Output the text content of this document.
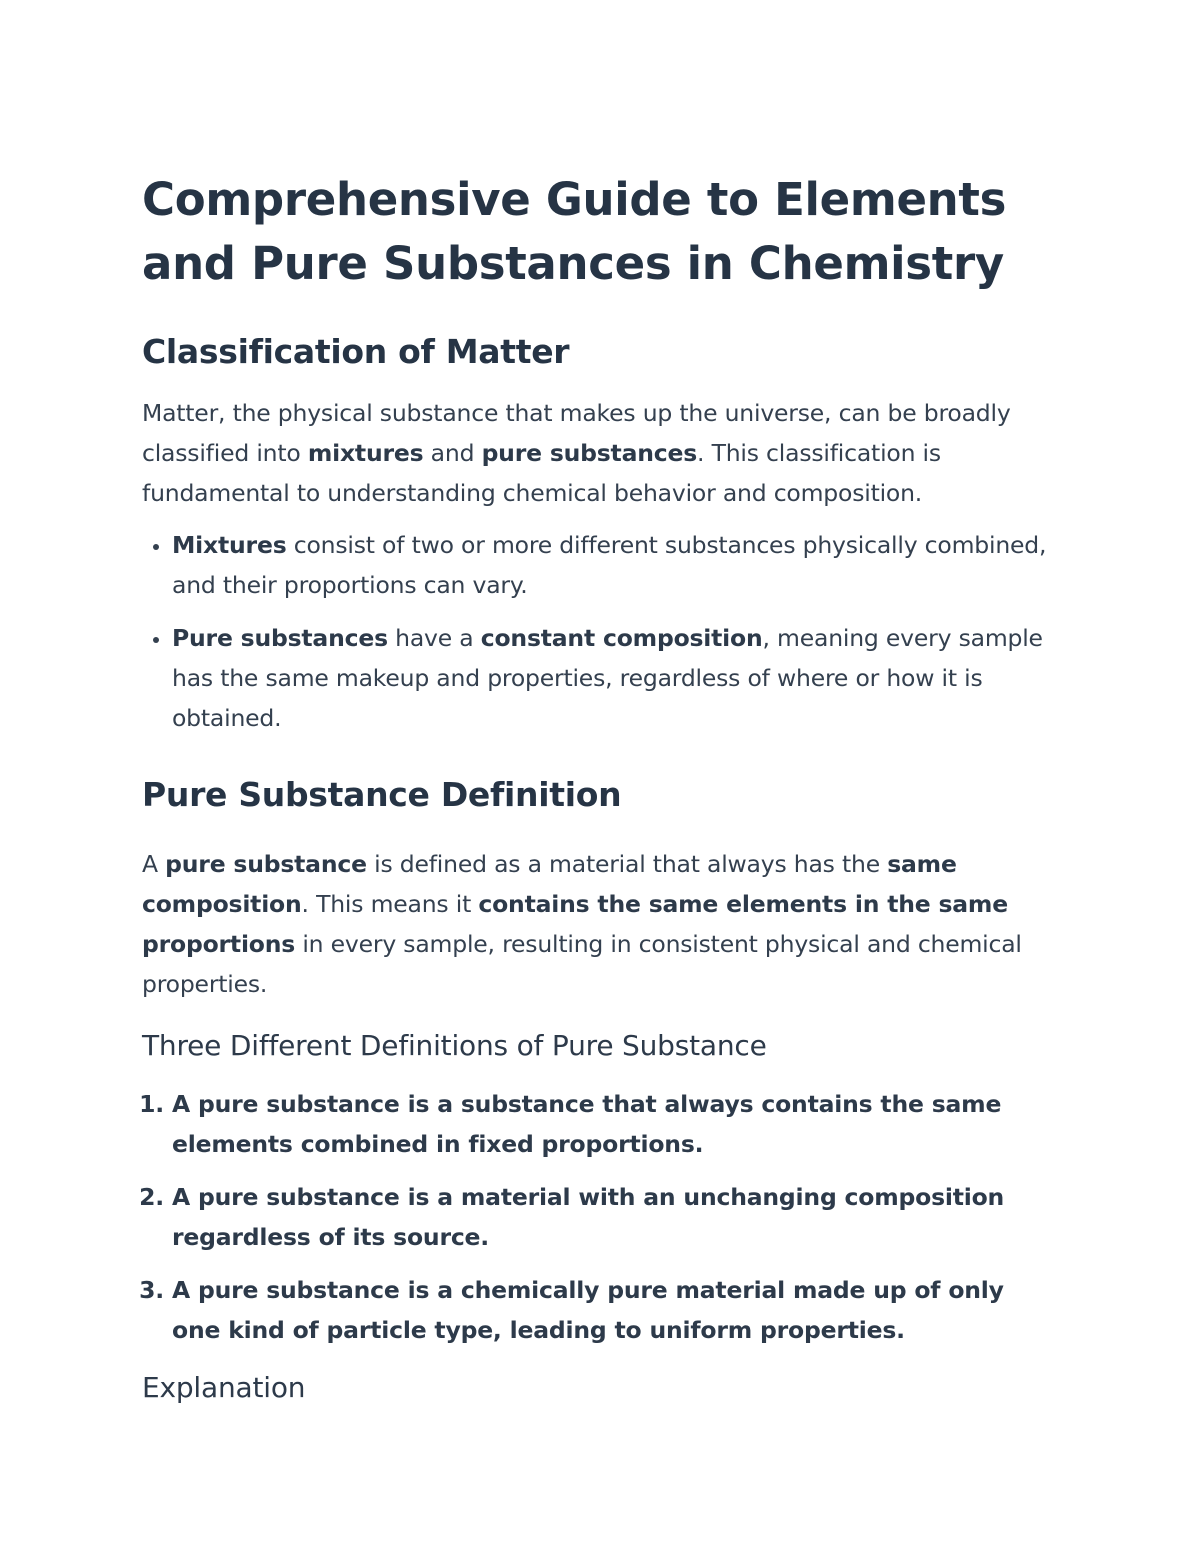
Comprehensive Guide to Elements and Pure Substances in Chemistry
Classification of Matter

Matter, the physical substance that makes up the universe, can be broadly classified into mixtures and pure substances. This classification is fundamental to understanding chemical behavior and composition.

• Mixtures consist of two or more different substances physically combined, and their proportions can vary.
• Pure substances have a constant composition, meaning every sample has the same makeup and properties, regardless of where or how it is obtained.
Pure Substance Definition

A pure substance is defined as a material that always has the same composition. This means it contains the same elements in the same proportions in every sample, resulting in consistent physical and chemical properties.

Three Different Definitions of Pure Substance
1. A pure substance is a substance that always contains the same elements combined in fixed proportions.
2. A pure substance is a material with an unchanging composition regardless of its source.
3. A pure substance is a chemically pure material made up of only one kind of particle type, leading to uniform properties.
Explanation
